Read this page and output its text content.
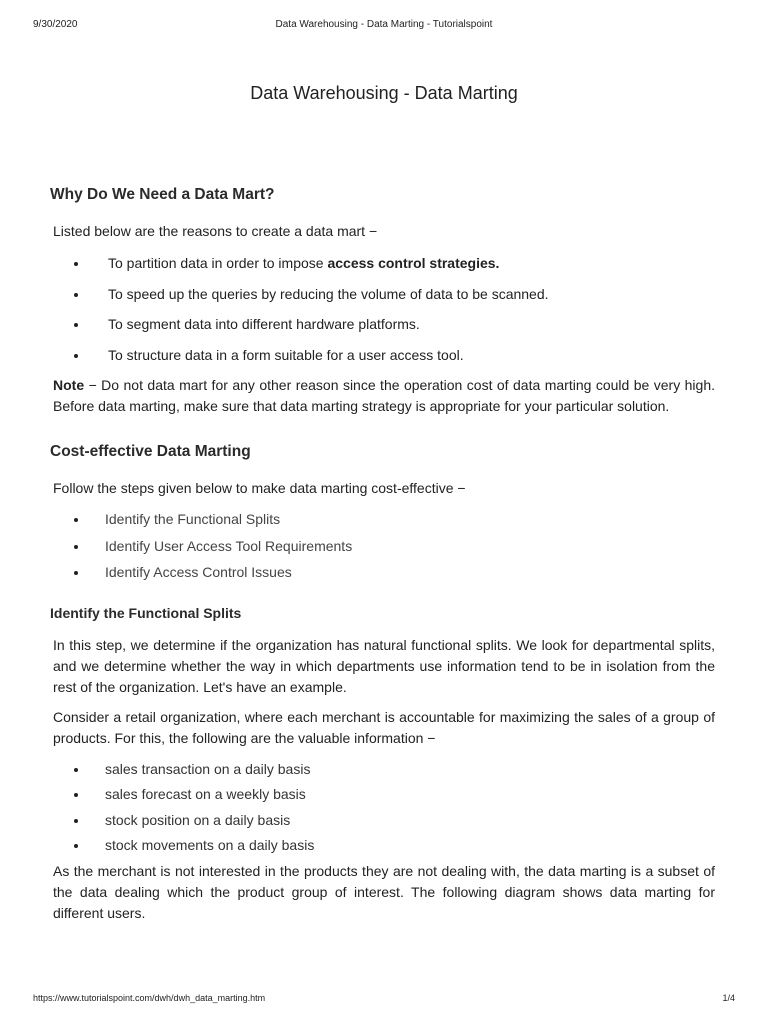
9/30/2020	Data Warehousing - Data Marting - Tutorialspoint
Data Warehousing - Data Marting
Why Do We Need a Data Mart?

Listed below are the reasons to create a data mart −

To partition data in order to impose access control strategies.
To speed up the queries by reducing the volume of data to be scanned.
To segment data into different hardware platforms.
To structure data in a form suitable for a user access tool.

Note − Do not data mart for any other reason since the operation cost of data marting could be very high. Before data marting, make sure that data marting strategy is appropriate for your particular solution.

Cost-effective Data Marting

Follow the steps given below to make data marting cost-effective −

Identify the Functional Splits
Identify User Access Tool Requirements
Identify Access Control Issues
Identify the Functional Splits

In this step, we determine if the organization has natural functional splits. We look for departmental splits, and we determine whether the way in which departments use information tend to be in isolation from the rest of the organization. Let's have an example.

Consider a retail organization, where each merchant is accountable for maximizing the sales of a group of products. For this, the following are the valuable information −

sales transaction on a daily basis
sales forecast on a weekly basis
stock position on a daily basis
stock movements on a daily basis

As the merchant is not interested in the products they are not dealing with, the data marting is a subset of the data dealing which the product group of interest. The following diagram shows data marting for different users.

https://www.tutorialspoint.com/dwh/dwh_data_marting.htm	1/4
